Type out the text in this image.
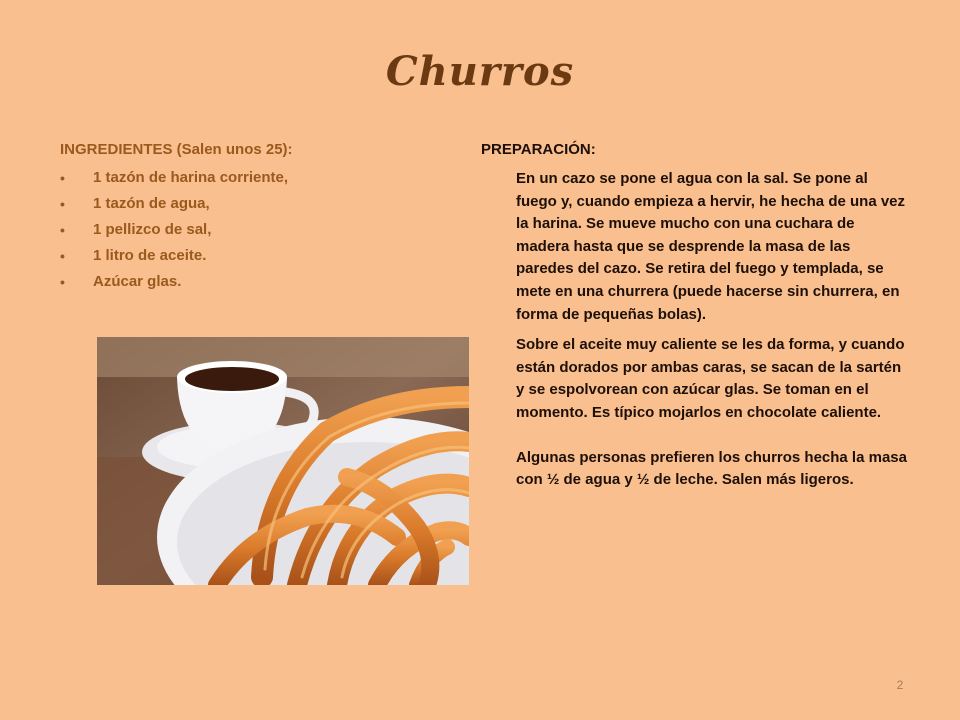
Churros
INGREDIENTES (Salen unos 25):
• 1 tazón de harina corriente,
• 1 tazón de agua,
• 1 pellizco de sal,
• 1 litro de aceite.
• Azúcar glas.
PREPARACIÓN:

En un cazo se pone el agua con la sal. Se pone al fuego y, cuando empieza a hervir, he hecha de una vez la harina. Se mueve mucho con una cuchara de madera hasta que se desprende la masa de las paredes del cazo. Se retira del fuego y templada, se mete en una churrera (puede hacerse sin churrera, en forma de pequeñas bolas).

Sobre el aceite muy caliente se les da forma, y cuando están dorados por ambas caras, se sacan de la sartén y se espolvorean con azúcar glas. Se toman en el momento. Es típico mojarlos en chocolate caliente.

Algunas personas prefieren los churros hecha la masa con ½ de agua y ½ de leche. Salen más ligeros.

2
